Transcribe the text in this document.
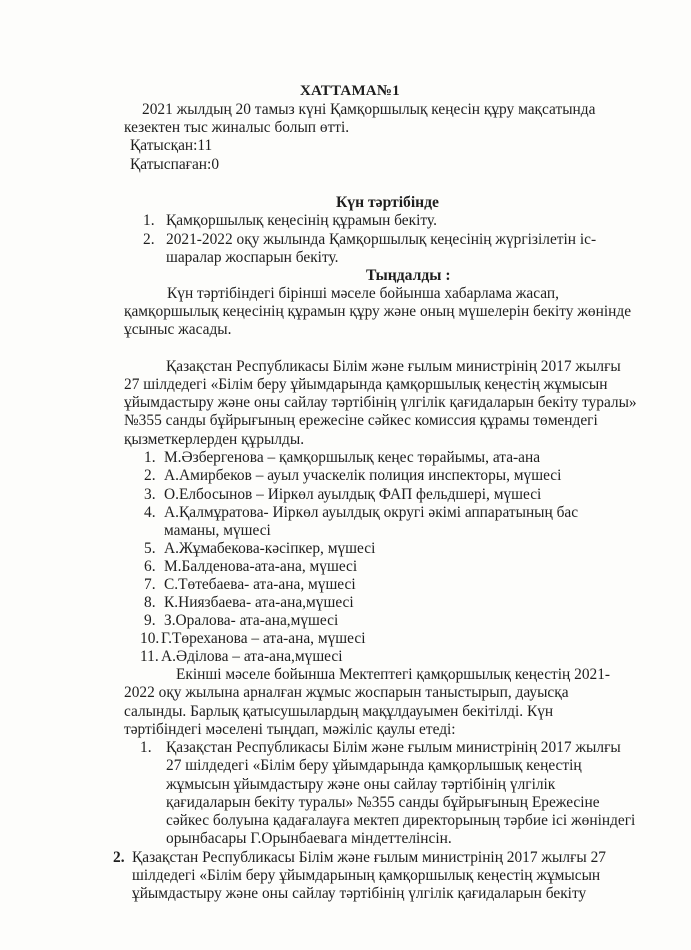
ХАТТАМА№1
2021 жылдың 20 тамыз күні Қамқоршылық кеңесін құру мақсатында
кезектен тыс жиналыс болып өтті.
Қатысқан:11
Қатыспаған:0
Күн тәртібінде
1. Қамқоршылық кеңесінің құрамын бекіту.
2. 2021-2022 оқу жылында Қамқоршылық кеңесінің жүргізілетін іс-
шаралар жоспарын бекіту.
Тыңдалды :
Күн тәртібіндегі бірінші мәселе бойынша хабарлама жасап,
қамқоршылық кеңесінің құрамын құру және оның мүшелерін бекіту жөнінде
ұсыныс жасады.
Қазақстан Республикасы Білім және ғылым министрінің 2017 жылғы
27 шілдедегі «Білім беру ұйымдарында қамқоршылық кеңестің жұмысын
ұйымдастыру және оны сайлау тәртібінің үлгілік қағидаларын бекіту туралы»
№355 санды бұйрығының ережесіне сәйкес комиссия құрамы төмендегі
қызметкерлерден құрылды.
1. М.Әзбергенова – қамқоршылық кеңес төрайымы, ата-ана
2. А.Амирбеков – ауыл учаскелік полиция инспекторы, мүшесі
3. О.Елбосынов – Иіркөл ауылдық ФАП фельдшері, мүшесі
4. А.Қалмұратова- Иіркөл ауылдық округі әкімі аппаратының бас
маманы, мүшесі
5. А.Жұмабекова-кәсіпкер, мүшесі
6. М.Балденова-ата-ана, мүшесі
7. С.Төтебаева- ата-ана, мүшесі
8. К.Ниязбаева- ата-ана,мүшесі
9. З.Оралова- ата-ана,мүшесі
10. Г.Төреханова – ата-ана, мүшесі
11. А.Әділова – ата-ана,мүшесі
Екінші мәселе бойынша Мектептегі қамқоршылық кеңестің 2021-
2022 оқу жылына арналған жұмыс жоспарын таныстырып, дауысқа
салынды. Барлық қатысушылардың мақұлдауымен бекітілді. Күн
тәртібіндегі мәселені тыңдап, мәжіліс қаулы етеді:
1. Қазақстан Республикасы Білім және ғылым министрінің 2017 жылғы
27 шілдедегі «Білім беру ұйымдарында қамқорлышық кеңестің
жұмысын ұйымдастыру және оны сайлау тәртібінің үлгілік
қағидаларын бекіту туралы» №355 санды бұйрығының Ережесіне
сәйкес болуына қадағалауға мектеп директорының тәрбие ісі жөніндегі
орынбасары Г.Орынбаевага міндеттелінсін.
2. Қазақстан Республикасы Білім және ғылым министрінің 2017 жылғы 27
шілдедегі «Білім беру ұйымдарының қамқоршылық кеңестің жұмысын
ұйымдастыру және оны сайлау тәртібінің үлгілік қағидаларын бекіту
